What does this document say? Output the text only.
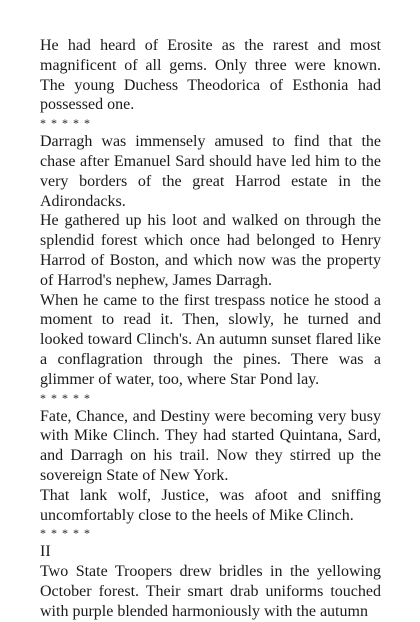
He had heard of Erosite as the rarest and most magnificent of all gems. Only three were known. The young Duchess Theodorica of Esthonia had possessed one.

* * * * *

Darragh was immensely amused to find that the chase after Emanuel Sard should have led him to the very borders of the great Harrod estate in the Adirondacks.

He gathered up his loot and walked on through the splendid forest which once had belonged to Henry Harrod of Boston, and which now was the property of Harrod's nephew, James Darragh.

When he came to the first trespass notice he stood a moment to read it. Then, slowly, he turned and looked toward Clinch's. An autumn sunset flared like a conflagration through the pines. There was a glimmer of water, too, where Star Pond lay.

* * * * *

Fate, Chance, and Destiny were becoming very busy with Mike Clinch. They had started Quintana, Sard, and Darragh on his trail. Now they stirred up the sovereign State of New York.

That lank wolf, Justice, was afoot and sniffing uncomfortably close to the heels of Mike Clinch.

* * * * *

II

Two State Troopers drew bridles in the yellowing October forest. Their smart drab uniforms touched with purple blended harmoniously with the autumn
